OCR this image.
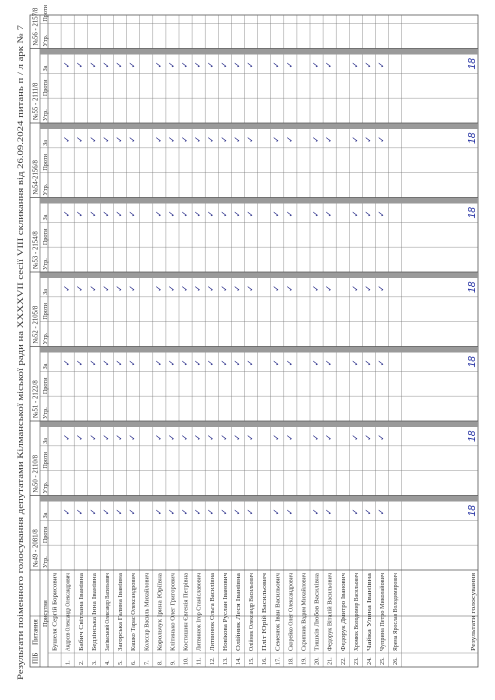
Результати поіменного голосування депутатами Кілманської міської ради на XXXXVII сесії VIII скликання від 26.09.2024 питань п / л арк № 7 №49 - 2081/8 Утр.
Проти
За
№50 - 2110/8 Утр.
Проти
За
№51 - 2122/8 Утр.
Проти
За
№52 - 2105/8 Утр.
Проти
За
№53 - 2154/8 Утр.
Проти
За
№54-2156/8 Утр.
Проти
За
№55 - 2111/8 Утр.
Проти
За
№56 - 2157/8 Утр.
Проти
ПІБ
Питання
Присутня Бушеля Сергій Борисович
1.
Андрєєв Олександр Олександрович
2.
Бабич Світлана Іванівна
3.
Бедзінська Інна Іванівна
4.
Заліваський Олександр Васильович
5.
Загорська Галина Іванівна
6.
Кашко Тарас Олександрович
7.
Колєсар Василь Михайлович
8.
Корольчук Ірина Юріївна
9.
Клітинько Олег Григорович
10.
Костишин Євгенія Петрівна
11.
Литвинюк Ігор Станіславович
12.
Литвинюк Ольга Василівна
13.
Новікова Руслан Іванович
14.
Олійник Леся Іванівна
15.
Олійник Олександр Васильович
16.
Пліт Юрій Васильович
17.
Семенюк Іван Васильович
18.
Скорейко Олег Олександрович
19.
Скрипник Вадим Михайлович
20.
Тишків Любов Василівна
21.
Федорук Віталій Васильович
22.
Федорук Дмитро Іванович
23.
Хромюк Володимир Васильович
24.
Чайка Уляна Іванівна
25.
Чуприна Петро Миколайович
26.
Ярема Ярослав Володимирович
✓
✓
✓
✓
✓
✓
✓
✓
✓
✓
✓
✓
✓
✓
✓
✓
✓
✓
✓
✓
✓
✓
✓
✓
✓
✓
✓
✓
✓
✓
✓
✓
✓
✓
✓
✓
✓
✓
✓
✓
✓
✓
✓
✓
✓
✓
✓
✓
✓
✓
✓
✓
✓
✓
✓
✓
✓
✓
✓
✓
✓
✓
✓
✓
✓
✓
✓
✓
✓
✓
✓
✓
✓
✓
✓
✓
✓
✓
✓
✓
✓
✓
✓
✓
✓
✓
✓
✓
✓
✓
✓
✓
✓
✓
✓
✓
✓
✓
✓
✓
✓
✓
✓
✓
✓
✓
✓
✓
✓
✓
✓
✓
✓
✓
✓
✓
✓
✓
✓
✓
✓
✓
✓
✓
✓
✓
✓
✓
✓
✓
✓
✓
✓
✓
✓
✓
✓
✓
✓
✓
✓
✓
✓
✓
✓
✓
✓
Результати голосування
18
18
18
18
18
18
18
